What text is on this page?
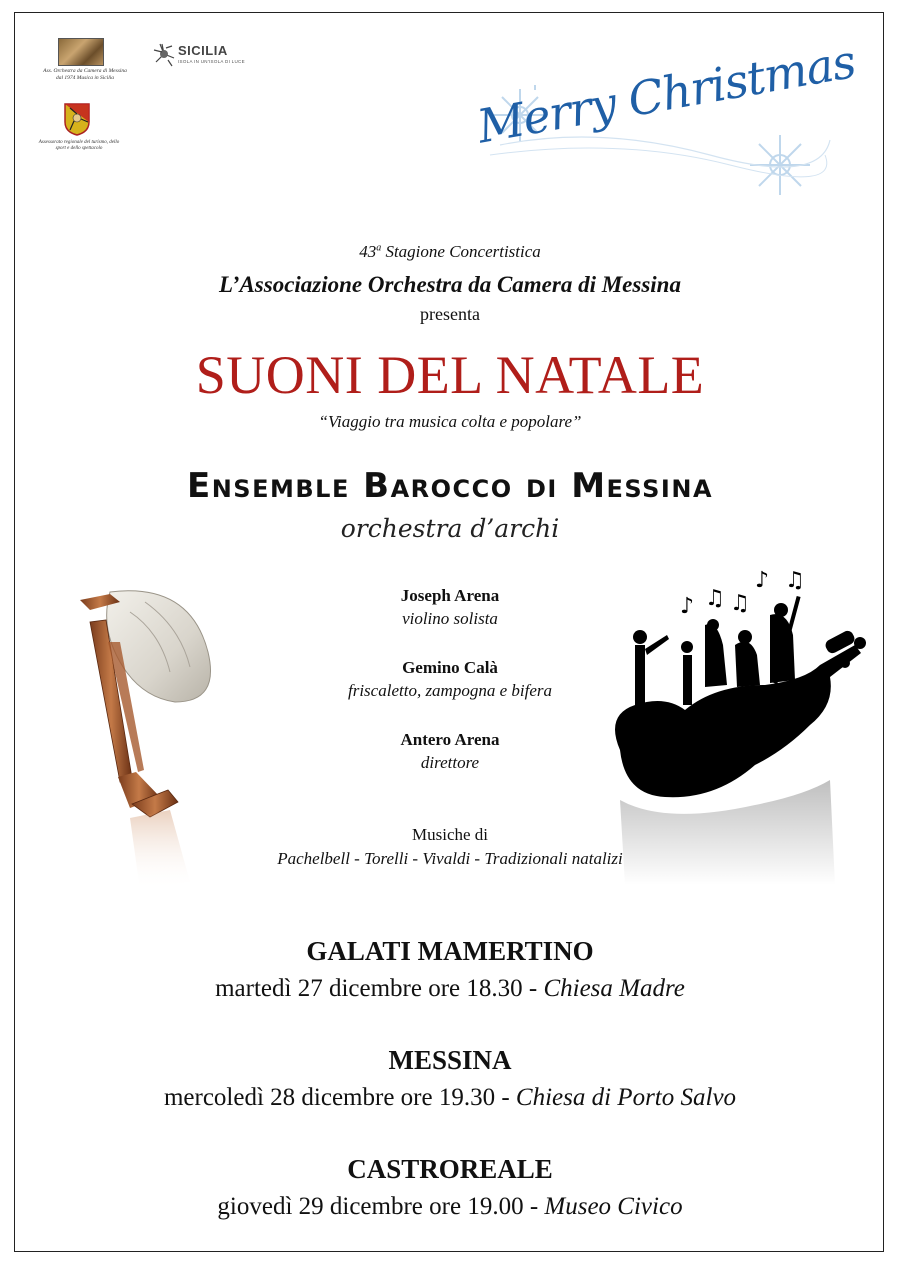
Ass. Orchestra da Camera di Messina dal 1974 Musica in Sicilia
SICILIA
ISOLA IN UN'ISOLA DI LUCE
Assessorato regionale del turismo, dello sport e dello spettacolo	Merry Christmas
43$^a$ Stagione Concertistica
L’Associazione Orchestra da Camera di Messina
presenta
SUONI DEL NATALE
“Viaggio tra musica colta e popolare”
Ensemble Barocco di Messina
orchestra d’archi
Joseph Arena
violino solista
Gemino Calà
friscaletto, zampogna e bifera
Antero Arena
direttore
♪ ♫ ♫
♪ ♫
Musiche di
Pachelbell - Torelli - Vivaldi - Tradizionali natalizi
GALATI MAMERTINO
martedì 27 dicembre ore 18.30 - Chiesa Madre
MESSINA
mercoledì 28 dicembre ore 19.30 - Chiesa di Porto Salvo
CASTROREALE
giovedì 29 dicembre ore 19.00 - Museo Civico
